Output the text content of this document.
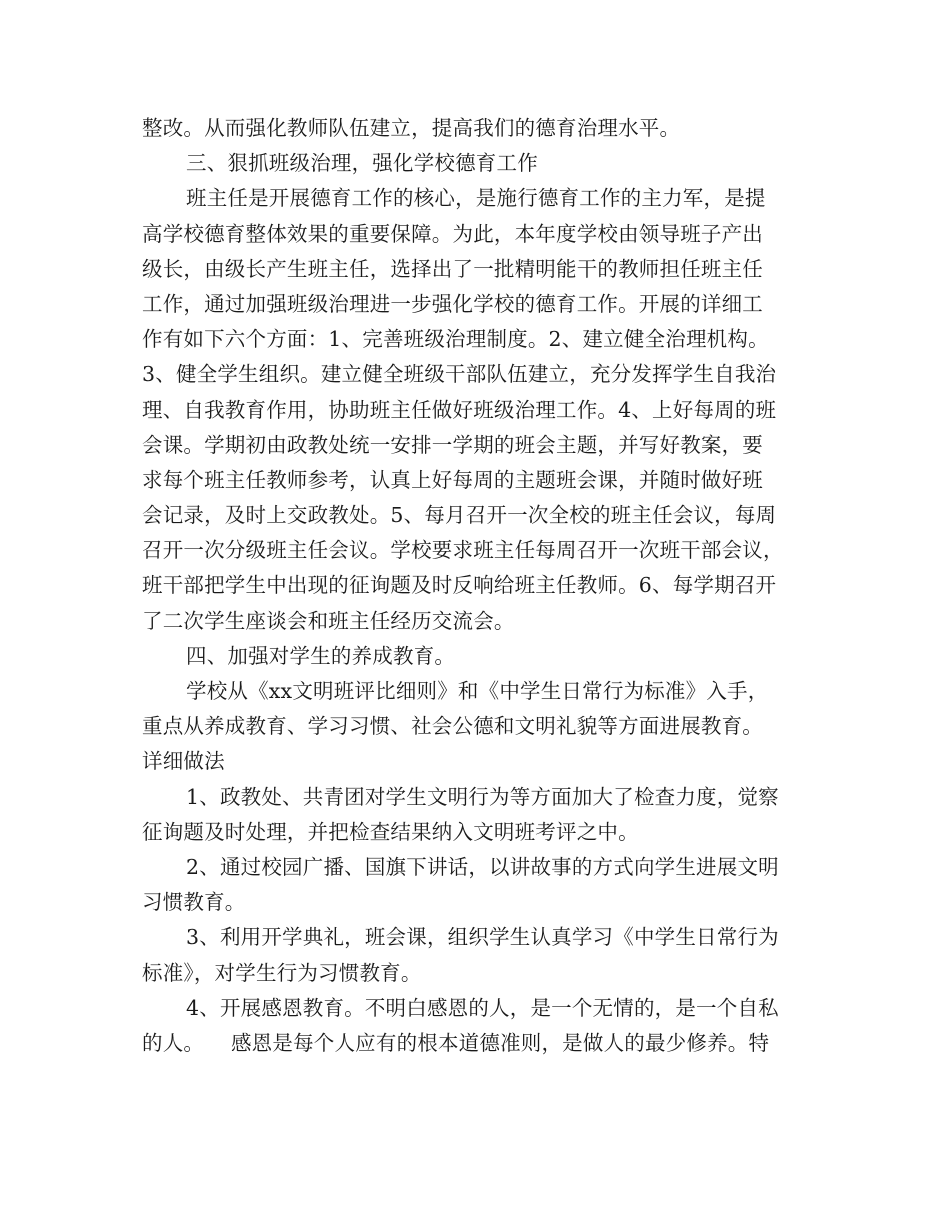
整改。从而强化教师队伍建立，提高我们的德育治理水平。
三、狠抓班级治理，强化学校德育工作
班主任是开展德育工作的核心，是施行德育工作的主力军，是提
高学校德育整体效果的重要保障。为此，本年度学校由领导班子产出
级长，由级长产生班主任，选择出了一批精明能干的教师担任班主任
工作，通过加强班级治理进一步强化学校的德育工作。开展的详细工
作有如下六个方面：1、完善班级治理制度。2、建立健全治理机构。
3、健全学生组织。建立健全班级干部队伍建立，充分发挥学生自我治
理、自我教育作用，协助班主任做好班级治理工作。4、上好每周的班
会课。学期初由政教处统一安排一学期的班会主题，并写好教案，要
求每个班主任教师参考，认真上好每周的主题班会课，并随时做好班
会记录，及时上交政教处。5、每月召开一次全校的班主任会议，每周
召开一次分级班主任会议。学校要求班主任每周召开一次班干部会议，
班干部把学生中出现的征询题及时反响给班主任教师。6、每学期召开
了二次学生座谈会和班主任经历交流会。
四、加强对学生的养成教育。
学校从《xx文明班评比细则》和《中学生日常行为标准》入手，
重点从养成教育、学习习惯、社会公德和文明礼貌等方面进展教育。
详细做法
1、政教处、共青团对学生文明行为等方面加大了检查力度，觉察
征询题及时处理，并把检查结果纳入文明班考评之中。
2、通过校园广播、国旗下讲话，以讲故事的方式向学生进展文明
习惯教育。
3、利用开学典礼，班会课，组织学生认真学习《中学生日常行为
标准》，对学生行为习惯教育。
4、开展感恩教育。不明白感恩的人，是一个无情的，是一个自私
的人。    感恩是每个人应有的根本道德准则，是做人的最少修养。特
